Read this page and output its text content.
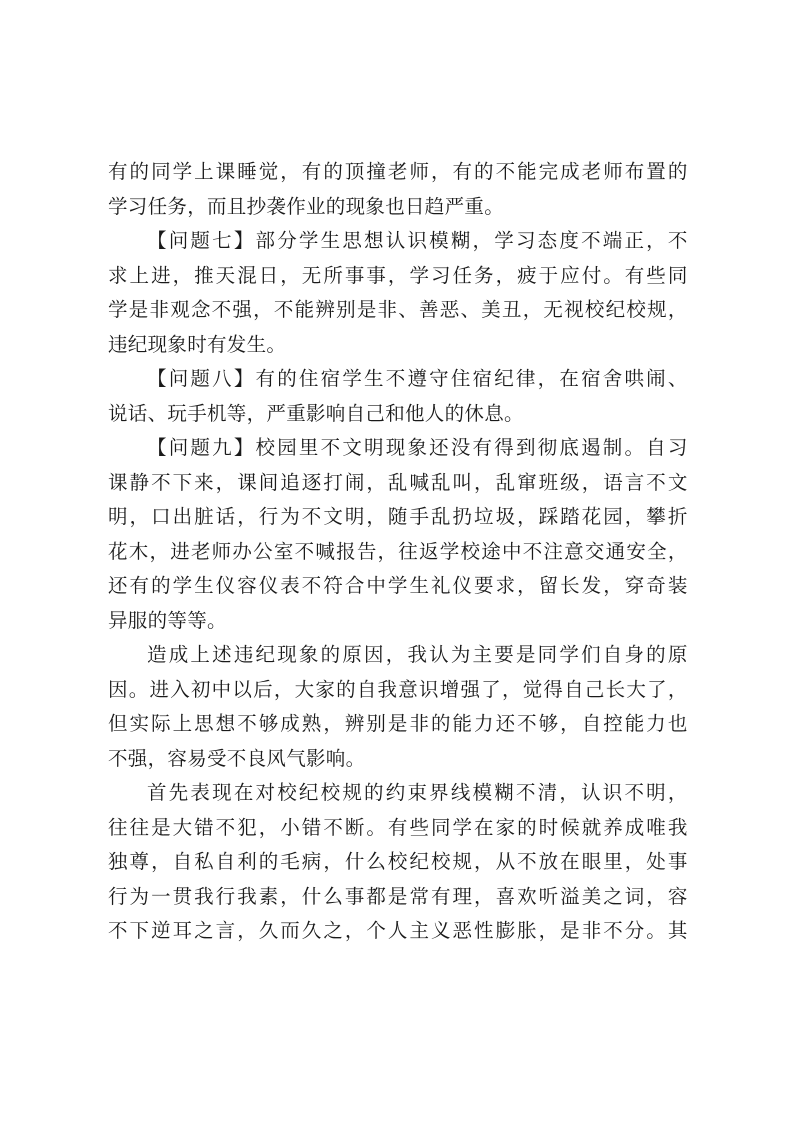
有 的 同 学 上 课 睡 觉 ， 有 的 顶 撞 老 师 ， 有 的 不 能 完 成 老 师 布 置 的
学习任务，而且抄袭作业的现象也日趋严重。
【 问 题 七 】 部 分 学 生 思 想 认 识 模 糊 ， 学 习 态 度 不 端 正 ， 不
求 上 进 ， 推 天 混 日 ， 无 所 事 事 ， 学 习 任 务 ， 疲 于 应 付 。 有 些 同
学 是 非 观 念 不 强 ， 不 能 辨 别 是 非 、 善 恶 、 美 丑 ， 无 视 校 纪 校 规 ，
违纪现象时有发生。
【 问 题 八 】 有 的 住 宿 学 生 不 遵 守 住 宿 纪 律 ， 在 宿 舍 哄 闹 、
说话、玩手机等，严重影响自己和他人的休息。
【 问 题 九 】 校 园 里 不 文 明 现 象 还 没 有 得 到 彻 底 遏 制 。 自 习
课 静 不 下 来 ， 课 间 追 逐 打 闹 ， 乱 喊 乱 叫 ， 乱 窜 班 级 ， 语 言 不 文
明 ， 口 出 脏 话 ， 行 为 不 文 明 ， 随 手 乱 扔 垃 圾 ， 踩 踏 花 园 ， 攀 折
花 木 ， 进 老 师 办 公 室 不 喊 报 告 ， 往 返 学 校 途 中 不 注 意 交 通 安 全 ，
还 有 的 学 生 仪 容 仪 表 不 符 合 中 学 生 礼 仪 要 求 ， 留 长 发 ， 穿 奇 装
异服的等等。
造 成 上 述 违 纪 现 象 的 原 因 ， 我 认 为 主 要 是 同 学 们 自 身 的 原
因 。 进 入 初 中 以 后 ， 大 家 的 自 我 意 识 增 强 了 ， 觉 得 自 己 长 大 了 ，
但 实 际 上 思 想 不 够 成 熟 ， 辨 别 是 非 的 能 力 还 不 够 ， 自 控 能 力 也
不强，容易受不良风气影响。
首 先 表 现 在 对 校 纪 校 规 的 约 束 界 线 模 糊 不 清 ， 认 识 不 明 ，
往 往 是 大 错 不 犯 ， 小 错 不 断 。 有 些 同 学 在 家 的 时 候 就 养 成 唯 我
独 尊 ， 自 私 自 利 的 毛 病 ， 什 么 校 纪 校 规 ， 从 不 放 在 眼 里 ， 处 事
行 为 一 贯 我 行 我 素 ， 什 么 事 都 是 常 有 理 ， 喜 欢 听 溢 美 之 词 ， 容
不 下 逆 耳 之 言 ， 久 而 久 之 ， 个 人 主 义 恶 性 膨 胀 ， 是 非 不 分 。 其
